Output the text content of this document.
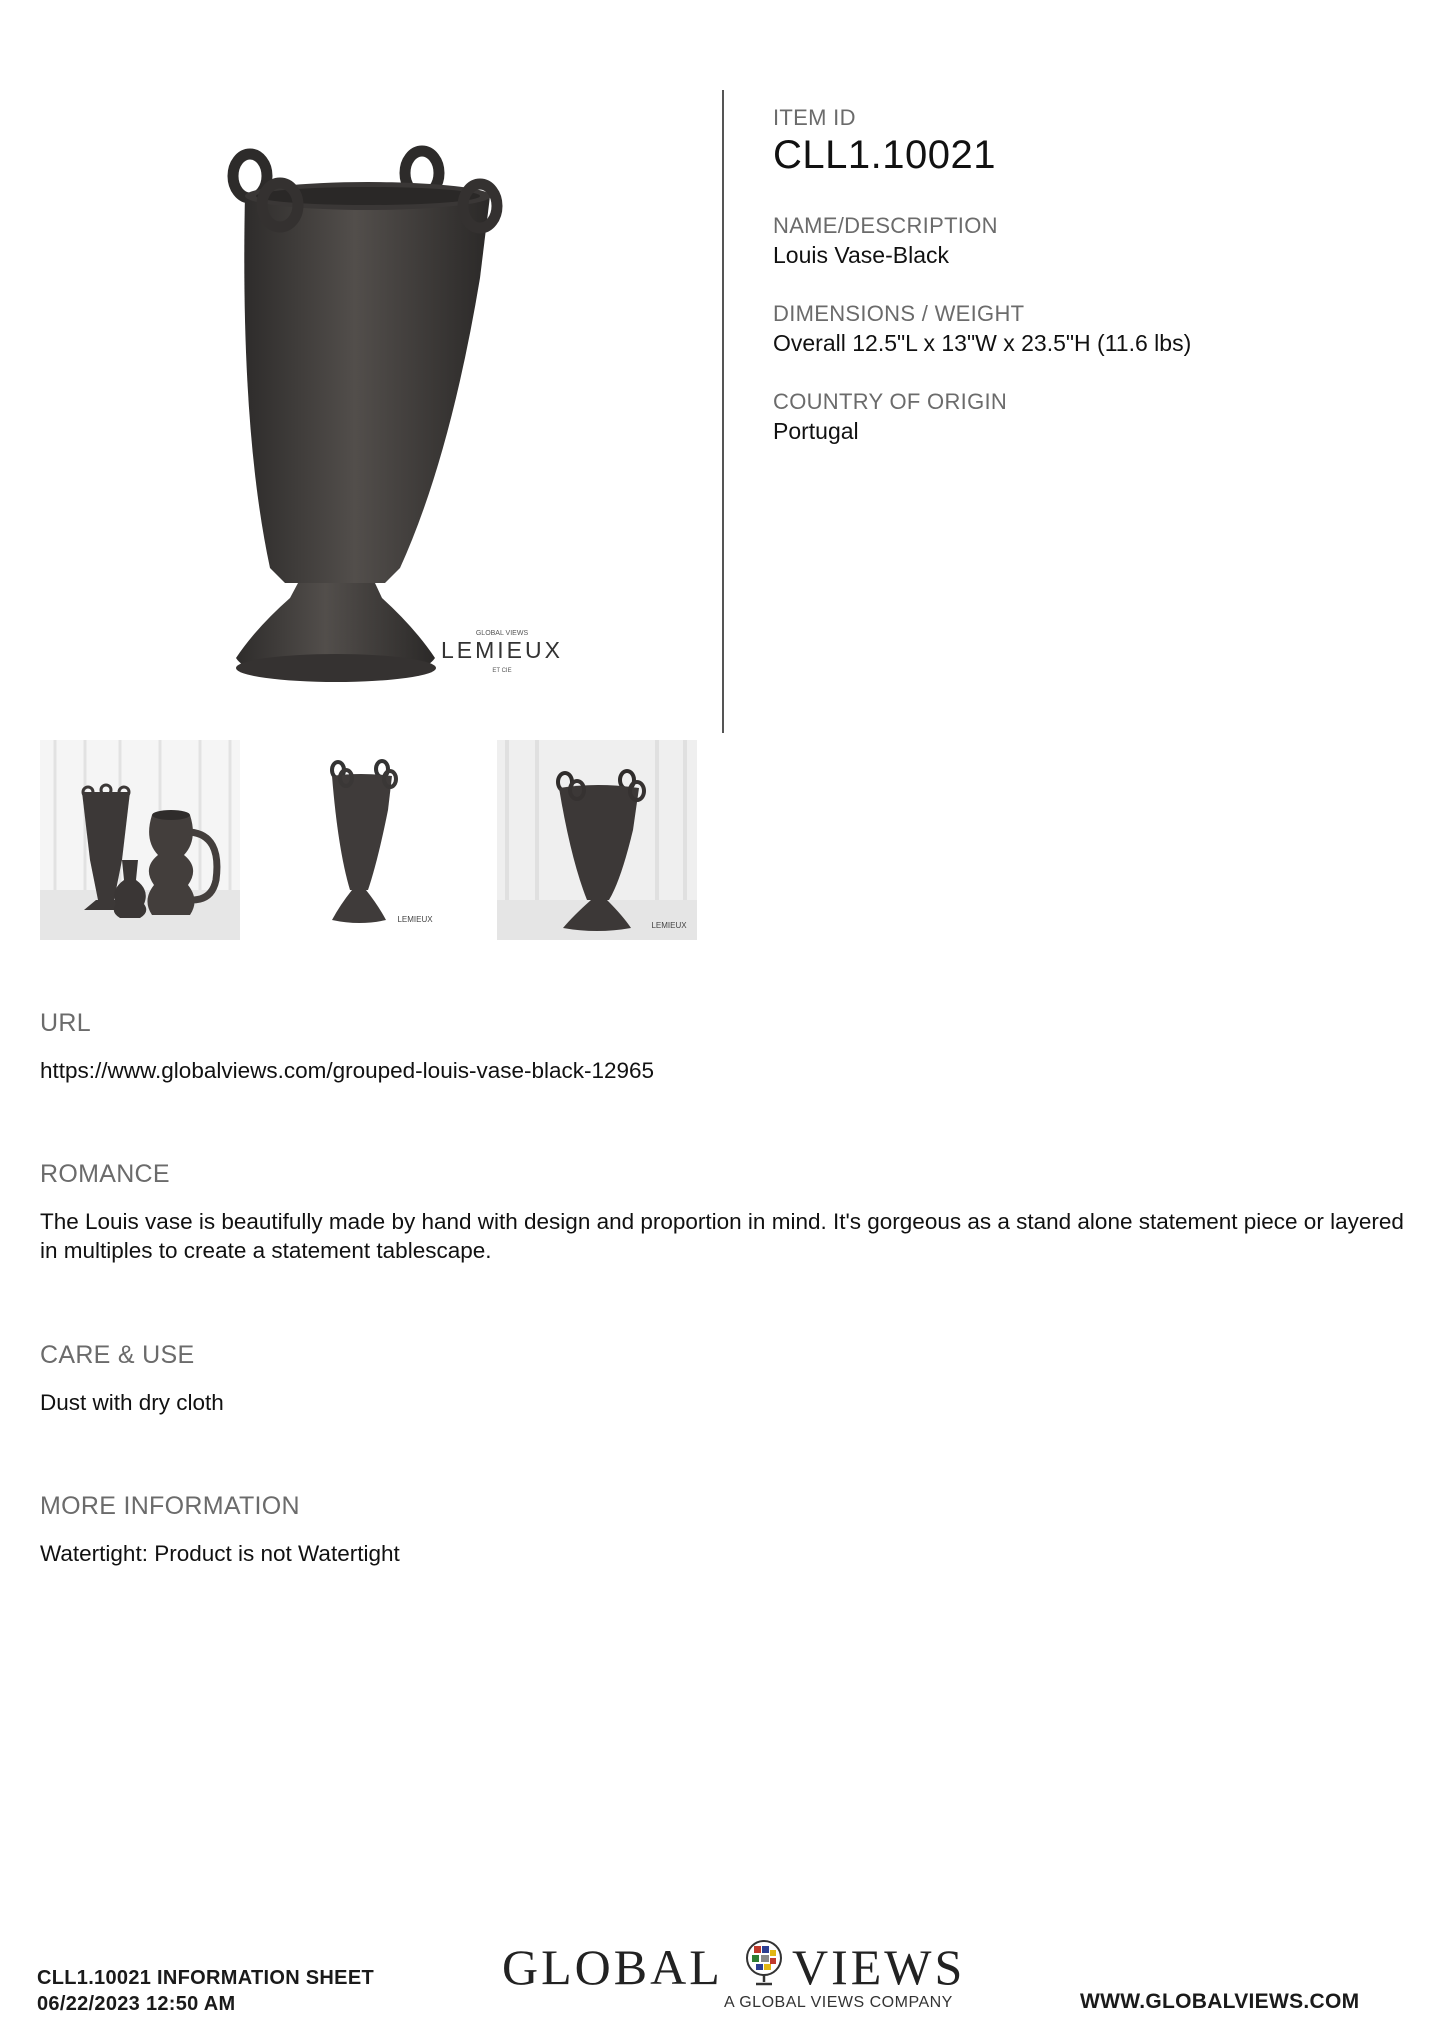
GLOBAL VIEWS
LEMIEUX
ET CIE
ITEM ID
CLL1.10021
NAME/DESCRIPTION
Louis Vase-Black
DIMENSIONS / WEIGHT
Overall 12.5"L x 13"W x 23.5"H (11.6 lbs)
COUNTRY OF ORIGIN
Portugal
LEMIEUX
LEMIEUX
URL
https://www.globalviews.com/grouped-louis-vase-black-12965
ROMANCE
The Louis vase is beautifully made by hand with design and proportion in mind. It's gorgeous as a stand alone statement piece or layered in multiples to create a statement tablescape.
CARE & USE
Dust with dry cloth
MORE INFORMATION
Watertight: Product is not Watertight
CLL1.10021 INFORMATION SHEET
06/22/2023 12:50 AM
GLOBAL VIEWS
A GLOBAL VIEWS COMPANY	WWW.GLOBALVIEWS.COM
